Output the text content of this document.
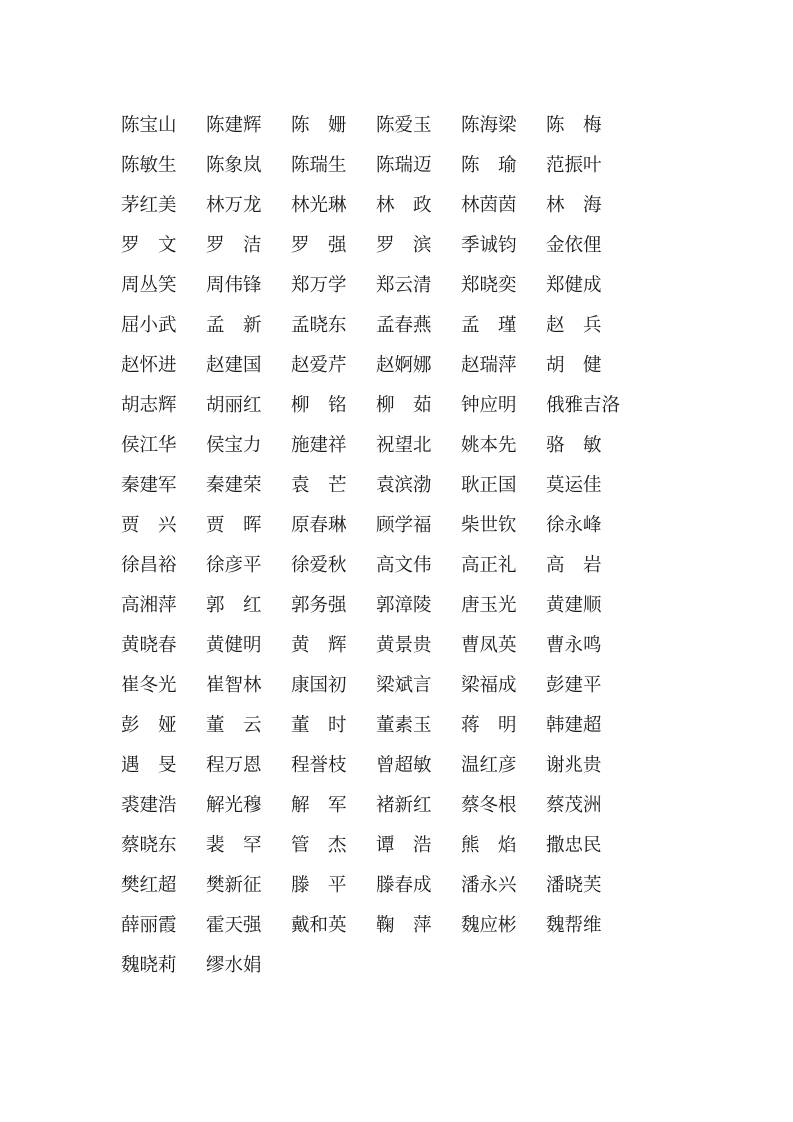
陈宝山	陈建辉	陈　姗	陈爱玉	陈海梁	陈　梅
陈敏生	陈象岚	陈瑞生	陈瑞迈	陈　瑜	范振叶
茅红美	林万龙	林光琳	林　政	林茵茵	林　海
罗　文	罗　洁	罗　强	罗　滨	季诚钧	金依俚
周丛笑	周伟锋	郑万学	郑云清	郑晓奕	郑健成
屈小武	孟　新	孟晓东	孟春燕	孟　瑾	赵　兵
赵怀进	赵建国	赵爱芹	赵婀娜	赵瑞萍	胡　健
胡志辉	胡丽红	柳　铭	柳　茹	钟应明	俄雅吉洛
侯江华	侯宝力	施建祥	祝望北	姚本先	骆　敏
秦建军	秦建荣	袁　芒	袁滨渤	耿正国	莫运佳
贾　兴	贾　晖	原春琳	顾学福	柴世钦	徐永峰
徐昌裕	徐彦平	徐爱秋	高文伟	高正礼	高　岩
高湘萍	郭　红	郭务强	郭漳陵	唐玉光	黄建顺
黄晓春	黄健明	黄　辉	黄景贵	曹凤英	曹永鸣
崔冬光	崔智林	康国初	梁斌言	梁福成	彭建平
彭　娅	董　云	董　时	董素玉	蒋　明	韩建超
遇　旻	程万恩	程誉枝	曾超敏	温红彦	谢兆贵
裘建浩	解光穆	解　军	褚新红	蔡冬根	蔡茂洲
蔡晓东	裴　罕	管　杰	谭　浩	熊　焰	撒忠民
樊红超	樊新征	滕　平	滕春成	潘永兴	潘晓芙
薛丽霞	霍天强	戴和英	鞠　萍	魏应彬	魏帮维
魏晓莉	缪水娟
